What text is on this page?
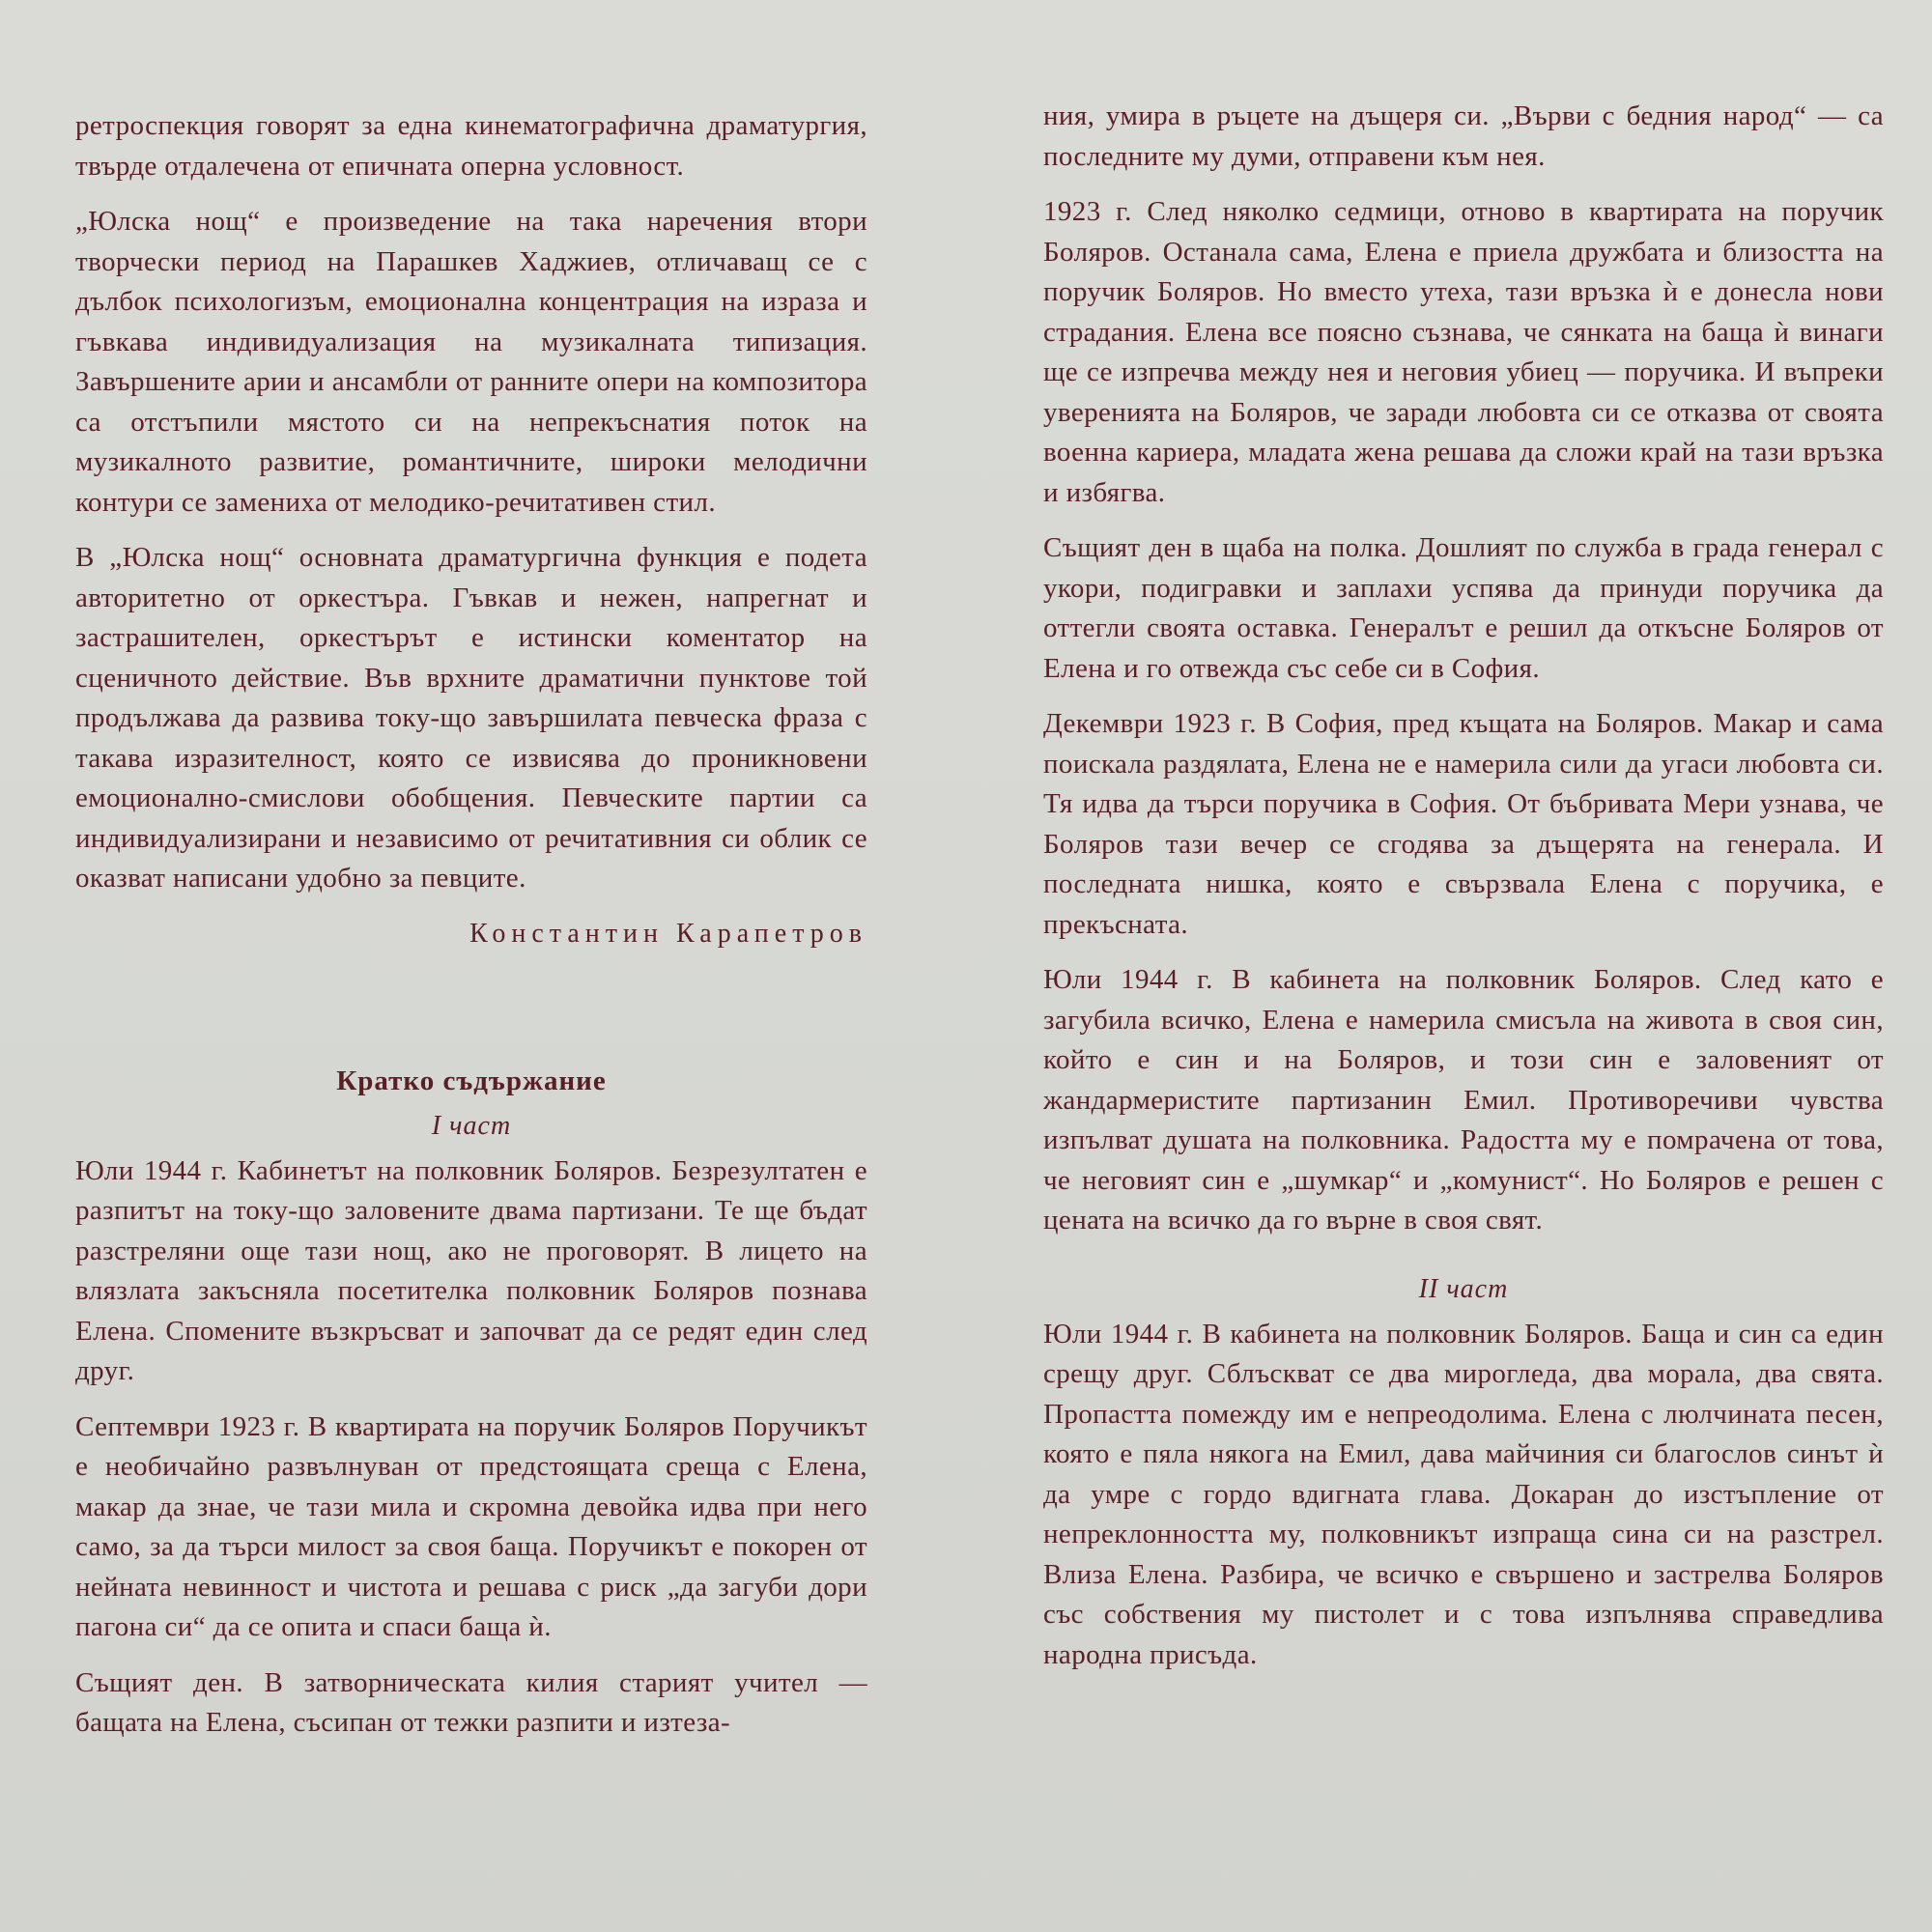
ретроспекция говорят за една кинематографична драматургия, твърде отдалечена от епичната оперна условност.

„Юлска нощ“ е произведение на така наречения втори творчески период на Парашкев Хаджиев, отличаващ се с дълбок психологизъм, емоционална концентрация на израза и гъвкава индивидуализация на музикалната типизация. Завършените арии и ансамбли от ранните опери на композитора са отстъпили мястото си на непрекъснатия поток на музикалното развитие, романтичните, широки мелодични контури се замениха от мелодико-речитативен стил.

В „Юлска нощ“ основната драматургична функция е подета авторитетно от оркестъра. Гъвкав и нежен, напрегнат и застрашителен, оркестърът е истински коментатор на сценичното действие. Във врхните драматични пунктове той продължава да развива току-що завършилата певческа фраза с такава изразителност, която се извисява до проникновени емоционално-смислови обобщения. Певческите партии са индивидуализирани и независимо от речитативния си облик се оказват написани удобно за певците.

Константин Карапетров
Кратко съдържание
I част

Юли 1944 г. Кабинетът на полковник Боляров. Безрезултатен е разпитът на току-що заловените двама партизани. Те ще бъдат разстреляни още тази нощ, ако не проговорят. В лицето на влязлата закъсняла посетителка полковник Боляров познава Елена. Спомените възкръсват и започват да се редят един след друг.

Септември 1923 г. В квартирата на поручик Боляров Поручикът е необичайно развълнуван от предстоящата среща с Елена, макар да знае, че тази мила и скромна девойка идва при него само, за да търси милост за своя баща. Поручикът е покорен от нейната невинност и чистота и решава с риск „да загуби дори пагона си“ да се опита и спаси баща ѝ.

Същият ден. В затворническата килия старият учител — бащата на Елена, съсипан от тежки разпити и изтеза-

ния, умира в ръцете на дъщеря си. „Върви с бедния народ“ — са последните му думи, отправени към нея.

1923 г. След няколко седмици, отново в квартирата на поручик Боляров. Останала сама, Елена е приела дружбата и близостта на поручик Боляров. Но вместо утеха, тази връзка ѝ е донесла нови страдания. Елена все поясно съзнава, че сянката на баща ѝ винаги ще се изпречва между нея и неговия убиец — поручика. И въпреки уверенията на Боляров, че заради любовта си се отказва от своята военна кариера, младата жена решава да сложи край на тази връзка и избягва.

Същият ден в щаба на полка. Дошлият по служба в града генерал с укори, подигравки и заплахи успява да принуди поручика да оттегли своята оставка. Генералът е решил да откъсне Боляров от Елена и го отвежда със себе си в София.

Декември 1923 г. В София, пред къщата на Боляров. Макар и сама поискала раздялата, Елена не е намерила сили да угаси любовта си. Тя идва да търси поручика в София. От бъбривата Мери узнава, че Боляров тази вечер се сгодява за дъщерята на генерала. И последната нишка, която е свързвала Елена с поручика, е прекъсната.

Юли 1944 г. В кабинета на полковник Боляров. След като е загубила всичко, Елена е намерила смисъла на живота в своя син, който е син и на Боляров, и този син е заловеният от жандармеристите партизанин Емил. Противоречиви чувства изпълват душата на полковника. Радостта му е помрачена от това, че неговият син е „шумкар“ и „комунист“. Но Боляров е решен с цената на всичко да го върне в своя свят.

II част

Юли 1944 г. В кабинета на полковник Боляров. Баща и син са един срещу друг. Сблъскват се два мирогледа, два морала, два свята. Пропастта помежду им е непреодолима. Елена с люлчината песен, която е пяла някога на Емил, дава майчиния си благослов синът ѝ да умре с гордо вдигната глава. Докаран до изстъпление от непреклонността му, полковникът изпраща сина си на разстрел. Влиза Елена. Разбира, че всичко е свършено и застрелва Боляров със собствения му пистолет и с това изпълнява справедлива народна присъда.
